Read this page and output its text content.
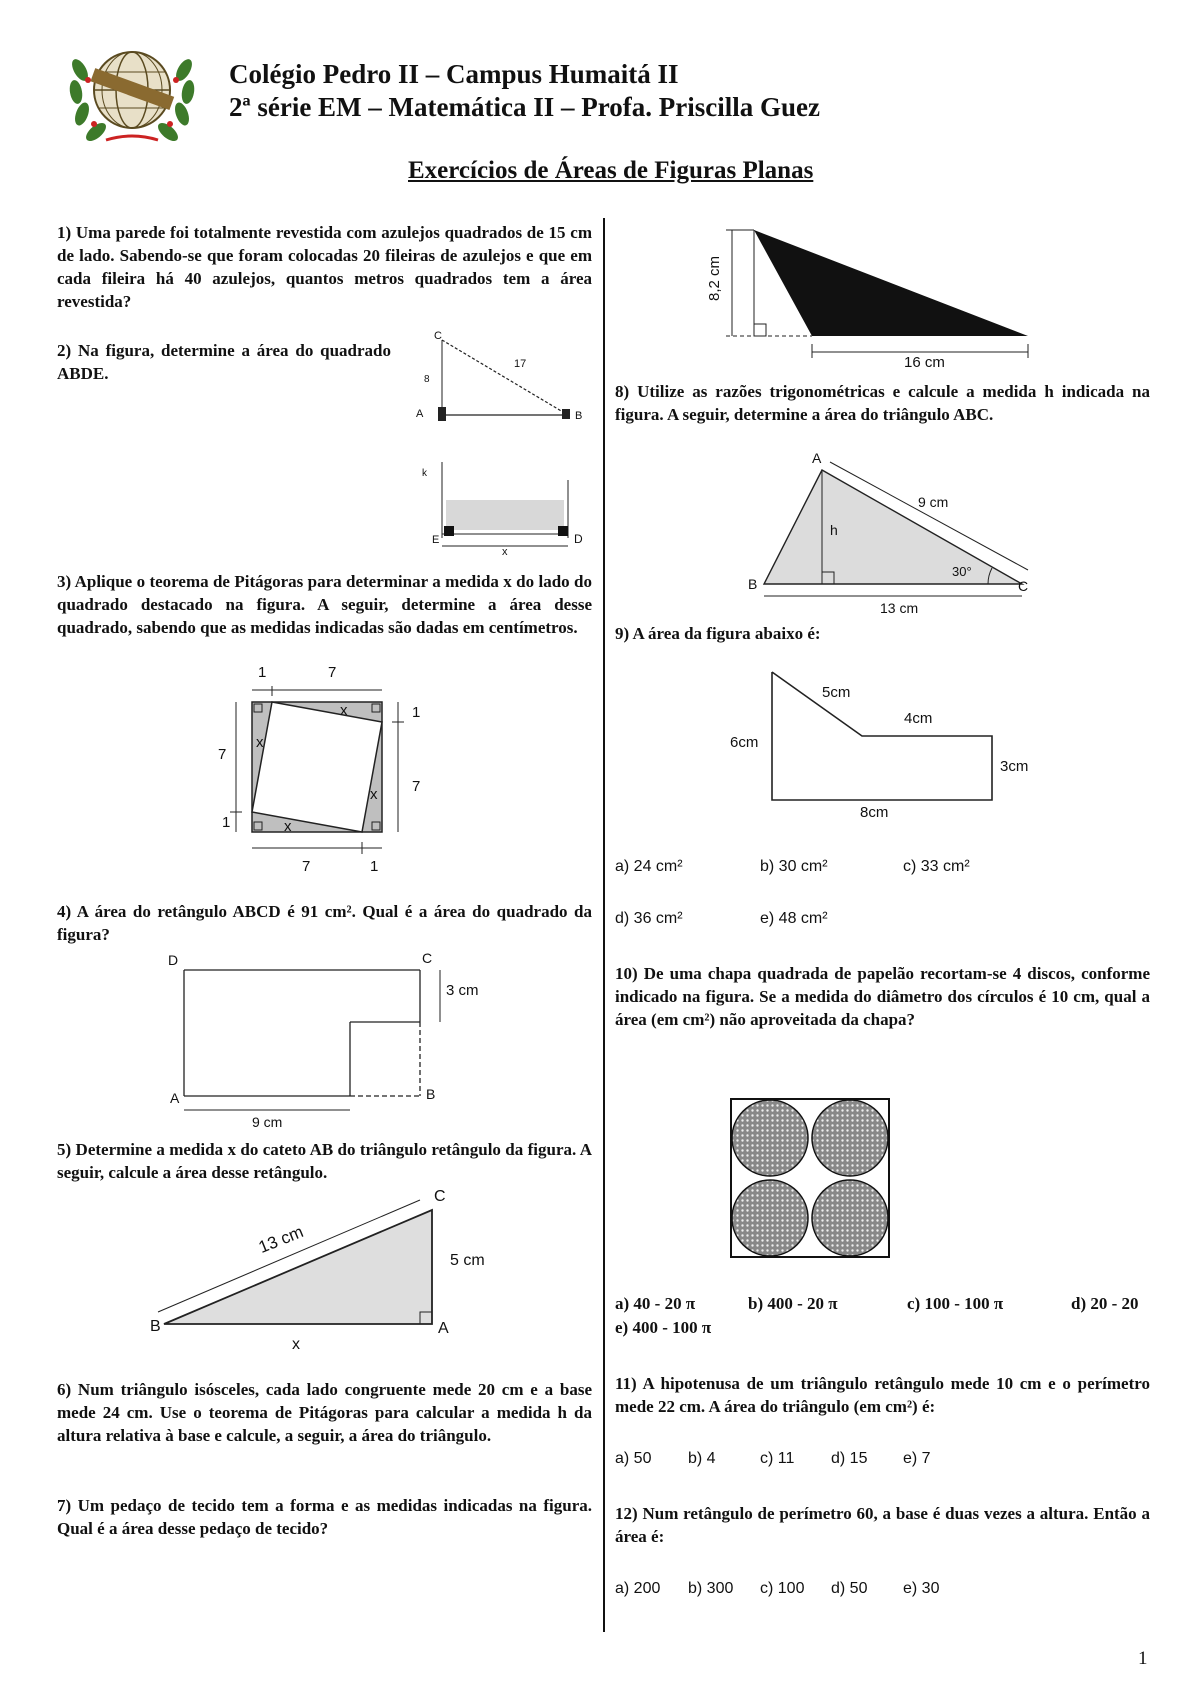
Colégio Pedro II – Campus Humaitá II
2ª série EM – Matemática II – Profa. Priscilla Guez
Exercícios de Áreas de Figuras Planas
1) Uma parede foi totalmente revestida com azulejos quadrados de 15 cm de lado. Sabendo-se que foram colocadas 20 fileiras de azulejos e que em cada fileira há 40 azulejos, quantos metros quadrados tem a área revestida?
2) Na figura, determine a área do quadrado ABDE.
C
17
8
A	B
k
E	D
x
3) Aplique o teorema de Pitágoras para determinar a medida x do lado do quadrado destacado na figura. A seguir, determine a área desse quadrado, sabendo que as medidas indicadas são dadas em centímetros.
1	7
7
1
1
7
7	1
x
x
x
x
4) A área do retângulo ABCD é 91 cm². Qual é a área do quadrado da figura?
D	C
3 cm
A	B
9 cm
5) Determine a medida x do cateto AB do triângulo retângulo da figura. A seguir, calcule a área desse retângulo.
C
13 cm
5 cm
B	A
x
6) Num triângulo isósceles, cada lado congruente mede 20 cm e a base mede 24 cm. Use o teorema de Pitágoras para calcular a medida h da altura relativa à base e calcule, a seguir, a área do triângulo.
7) Um pedaço de tecido tem a forma e as medidas indicadas na figura. Qual é a área desse pedaço de tecido?
8,2 cm
16 cm
8) Utilize as razões trigonométricas e calcule a medida h indicada na figura. A seguir, determine a área do triângulo ABC.
A
9 cm
h
30°
B	C
13 cm
9) A área da figura abaixo é:
5cm
4cm
6cm
3cm
8cm
a) 24 cm²	b) 30 cm²	c) 33 cm²
d) 36 cm²	e) 48 cm²
10) De uma chapa quadrada de papelão recortam-se 4 discos, conforme indicado na figura. Se a medida do diâmetro dos círculos é 10 cm, qual a área (em cm²) não aproveitada da chapa?
a) 40 - 20 π	b) 400 - 20 π	c) 100 - 100 π	d) 20 - 20
e) 400 - 100 π
11) A hipotenusa de um triângulo retângulo mede 10 cm e o perímetro mede 22 cm. A área do triângulo (em cm²) é:
a) 50 b) 4	c) 11 d) 15 e) 7
12) Num retângulo de perímetro 60, a base é duas vezes a altura. Então a área é:
a) 200 b) 300 c) 100 d) 50 e) 30
1
